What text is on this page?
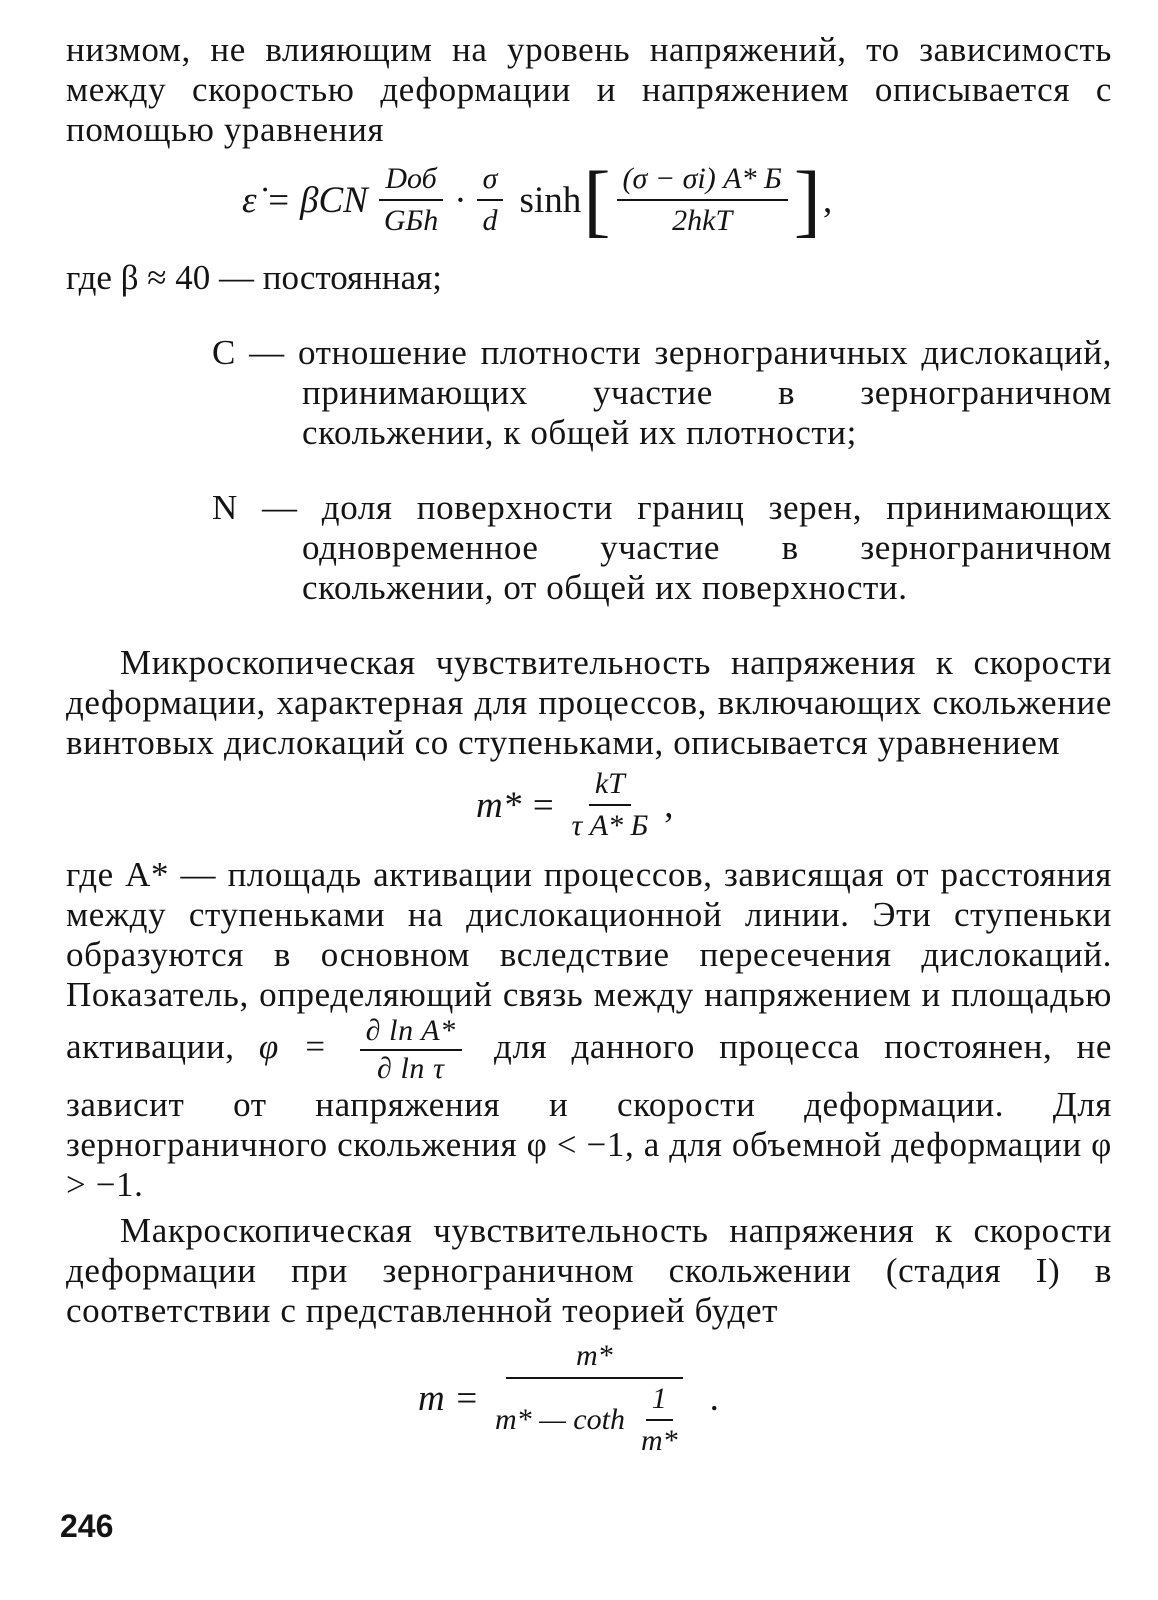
низмом, не влияющим на уровень напряжений, то зависимость между скоростью деформации и напряжением описывается с помощью уравнения

ε̇ = βCN $\frac{\text{Dоб}}{\text{GБh}} \cdot \frac{\sigma}{d}$ sinh [ $\frac{(\sigma - \sigma i) A* Б}{\text{2hkT}}$ ] ,

где β ≈ 40 — постоянная;

C — отношение плотности зернограничных дислокаций, принимающих участие в зернограничном скольжении, к общей их плотности;

N — доля поверхности границ зерен, принимающих одновременное участие в зернограничном скольжении, от общей их поверхности.

Микроскопическая чувствительность напряжения к скорости деформации, характерная для процессов, включающих скольжение винтовых дислокаций со ступеньками, описывается уравнением

$m* = \frac{kT}{\text{τ A* Б}}$ ,

где A* — площадь активации процессов, зависящая от расстояния между ступеньками на дислокационной линии. Эти ступеньки образуются в основном вследствие пересечения дислокаций. Показатель, определяющий связь между напряжением и площадью активации, $\varphi = \frac{\text{∂ ln A*}}{\text{∂ ln τ}}$ для данного процесса постоянен, не зависит от напряжения и скорости деформации. Для зернограничного скольжения φ < −1, а для объемной деформации φ > −1.

Макроскопическая чувствительность напряжения к скорости деформации при зернограничном скольжении (стадия I) в соответствии с представленной теорией будет

$m = \frac{m*}{m* — \cot h \frac{1}{m*}}$ .
246
